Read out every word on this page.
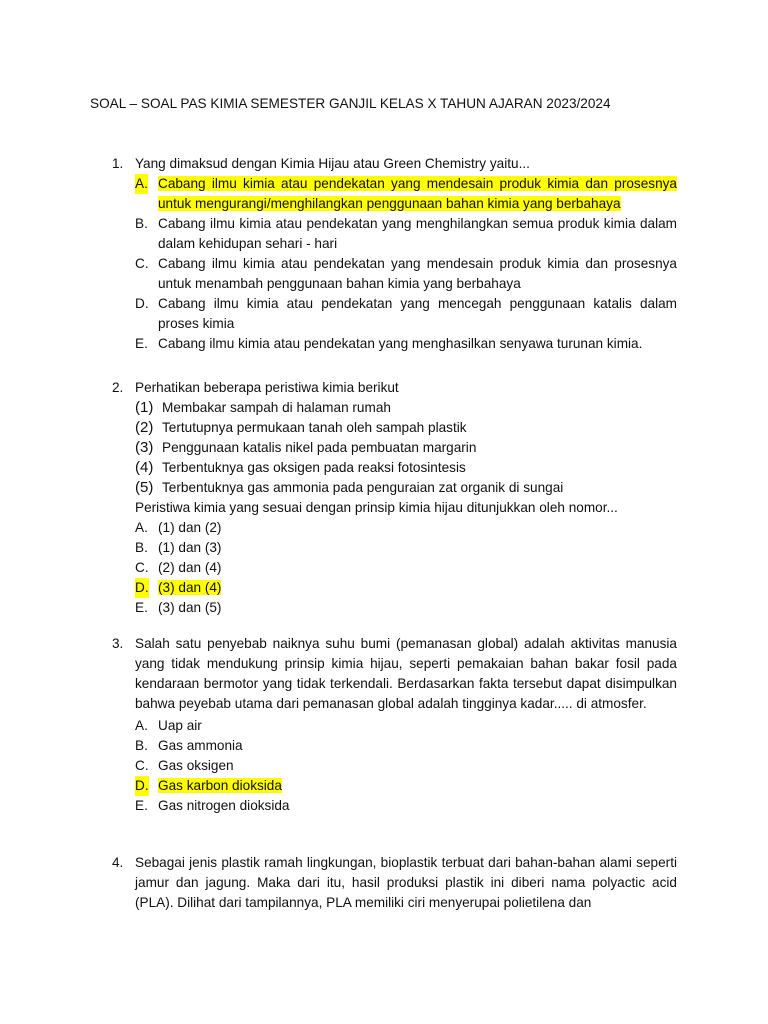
SOAL – SOAL PAS KIMIA SEMESTER GANJIL KELAS X TAHUN AJARAN 2023/2024
1. Yang dimaksud dengan Kimia Hijau atau Green Chemistry yaitu...
A. Cabang ilmu kimia atau pendekatan yang mendesain produk kimia dan prosesnya untuk mengurangi/menghilangkan penggunaan bahan kimia yang berbahaya
B. Cabang ilmu kimia atau pendekatan yang menghilangkan semua produk kimia dalam dalam kehidupan sehari - hari
C. Cabang ilmu kimia atau pendekatan yang mendesain produk kimia dan prosesnya untuk menambah penggunaan bahan kimia yang berbahaya
D. Cabang ilmu kimia atau pendekatan yang mencegah penggunaan katalis dalam proses kimia
E. Cabang ilmu kimia atau pendekatan yang menghasilkan senyawa turunan kimia.
2. Perhatikan beberapa peristiwa kimia berikut
(1) Membakar sampah di halaman rumah
(2) Tertutupnya permukaan tanah oleh sampah plastik
(3) Penggunaan katalis nikel pada pembuatan margarin
(4) Terbentuknya gas oksigen pada reaksi fotosintesis
(5) Terbentuknya gas ammonia pada penguraian zat organik di sungai
Peristiwa kimia yang sesuai dengan prinsip kimia hijau ditunjukkan oleh nomor...
A. (1) dan (2)
B. (1) dan (3)
C. (2) dan (4)
D. (3) dan (4)
E. (3) dan (5)
3. Salah satu penyebab naiknya suhu bumi (pemanasan global) adalah aktivitas manusia yang tidak mendukung prinsip kimia hijau, seperti pemakaian bahan bakar fosil pada kendaraan bermotor yang tidak terkendali. Berdasarkan fakta tersebut dapat disimpulkan bahwa peyebab utama dari pemanasan global adalah tingginya kadar..... di atmosfer.
A. Uap air
B. Gas ammonia
C. Gas oksigen
D. Gas karbon dioksida
E. Gas nitrogen dioksida
4. Sebagai jenis plastik ramah lingkungan, bioplastik terbuat dari bahan-bahan alami seperti jamur dan jagung. Maka dari itu, hasil produksi plastik ini diberi nama polyactic acid (PLA). Dilihat dari tampilannya, PLA memiliki ciri menyerupai polietilena dan
